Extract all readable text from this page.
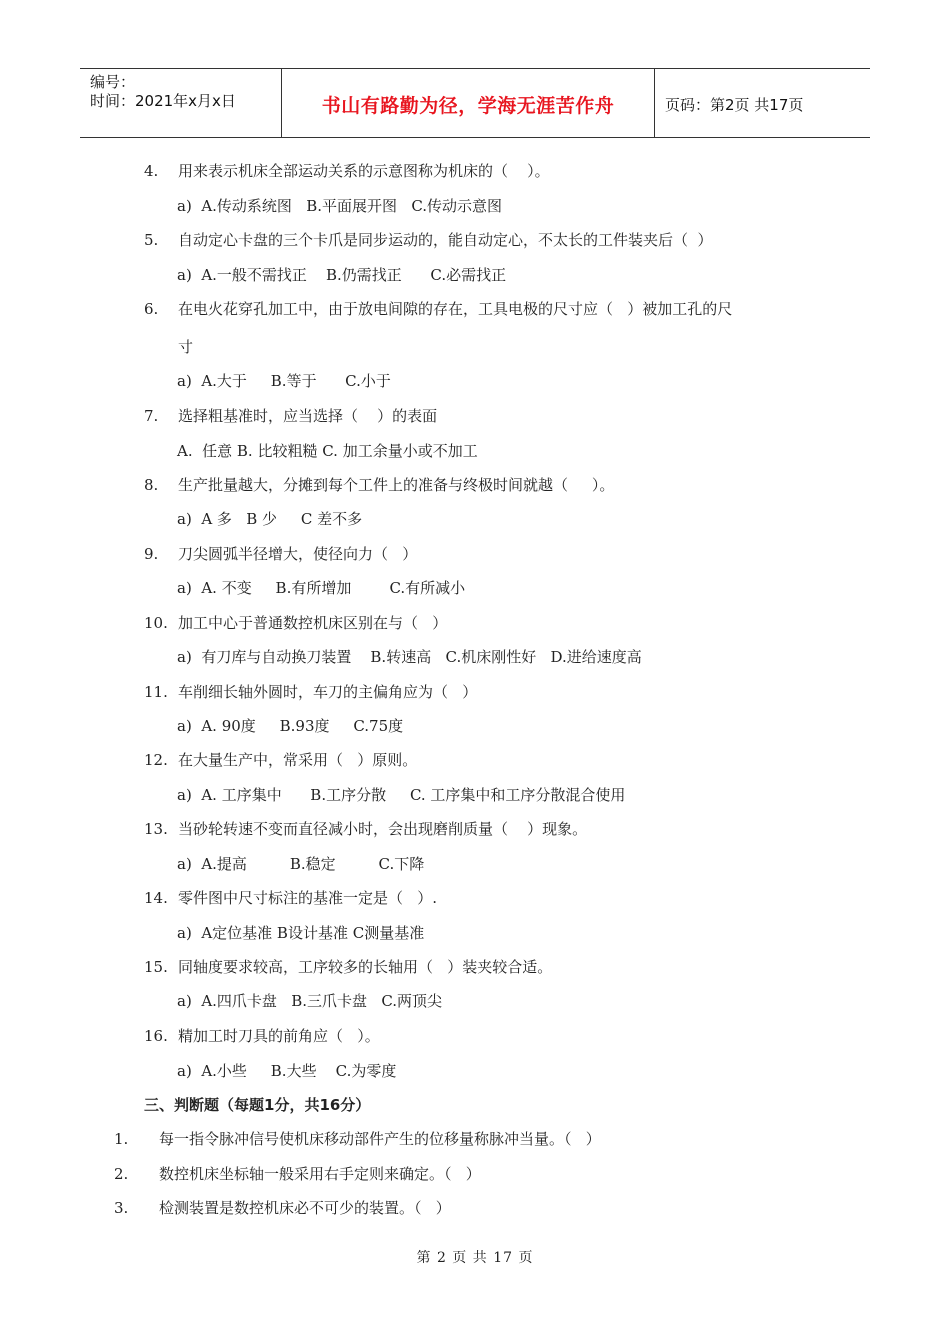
编号：
时间：2021年x月x日	书山有路勤为径，学海无涯苦作舟	页码：第2页 共17页
4. 用来表示机床全部运动关系的示意图称为机床的（    ）。
a)  A.传动系统图   B.平面展开图   C.传动示意图
5. 自动定心卡盘的三个卡爪是同步运动的，能自动定心，不太长的工件装夹后（  ）
a)  A.一般不需找正    B.仍需找正      C.必需找正
6. 在电火花穿孔加工中，由于放电间隙的存在，工具电极的尺寸应（   ）被加工孔的尺
寸
a)  A.大于     B.等于      C.小于
7. 选择粗基准时，应当选择（    ）的表面
A.  任意 B. 比较粗糙 C. 加工余量小或不加工
8. 生产批量越大，分摊到每个工件上的准备与终极时间就越（     ）。
a)  A 多   B 少     C 差不多
9. 刀尖圆弧半径增大，使径向力（   ）
a)  A. 不变     B.有所增加        C.有所减小
10. 加工中心于普通数控机床区别在与（   ）
a)  有刀库与自动换刀装置    B.转速高   C.机床刚性好   D.进给速度高
11. 车削细长轴外圆时，车刀的主偏角应为（   ）
a)  A. 90度     B.93度     C.75度
12. 在大量生产中，常采用（   ）原则。
a)  A. 工序集中      B.工序分散     C. 工序集中和工序分散混合使用
13. 当砂轮转速不变而直径减小时，会出现磨削质量（    ）现象。
a)  A.提高         B.稳定         C.下降
14. 零件图中尺寸标注的基准一定是（   ）.
a)  A定位基准 B设计基准 C测量基准
15. 同轴度要求较高，工序较多的长轴用（   ）装夹较合适。
a)  A.四爪卡盘   B.三爪卡盘   C.两顶尖
16. 精加工时刀具的前角应（   ）。
a)  A.小些     B.大些    C.为零度
三、判断题（每题1分，共16分）
1. 每一指令脉冲信号使机床移动部件产生的位移量称脉冲当量。（   ）
2. 数控机床坐标轴一般采用右手定则来确定。（   ）
3. 检测装置是数控机床必不可少的装置。（   ）
第 2 页 共 17 页
